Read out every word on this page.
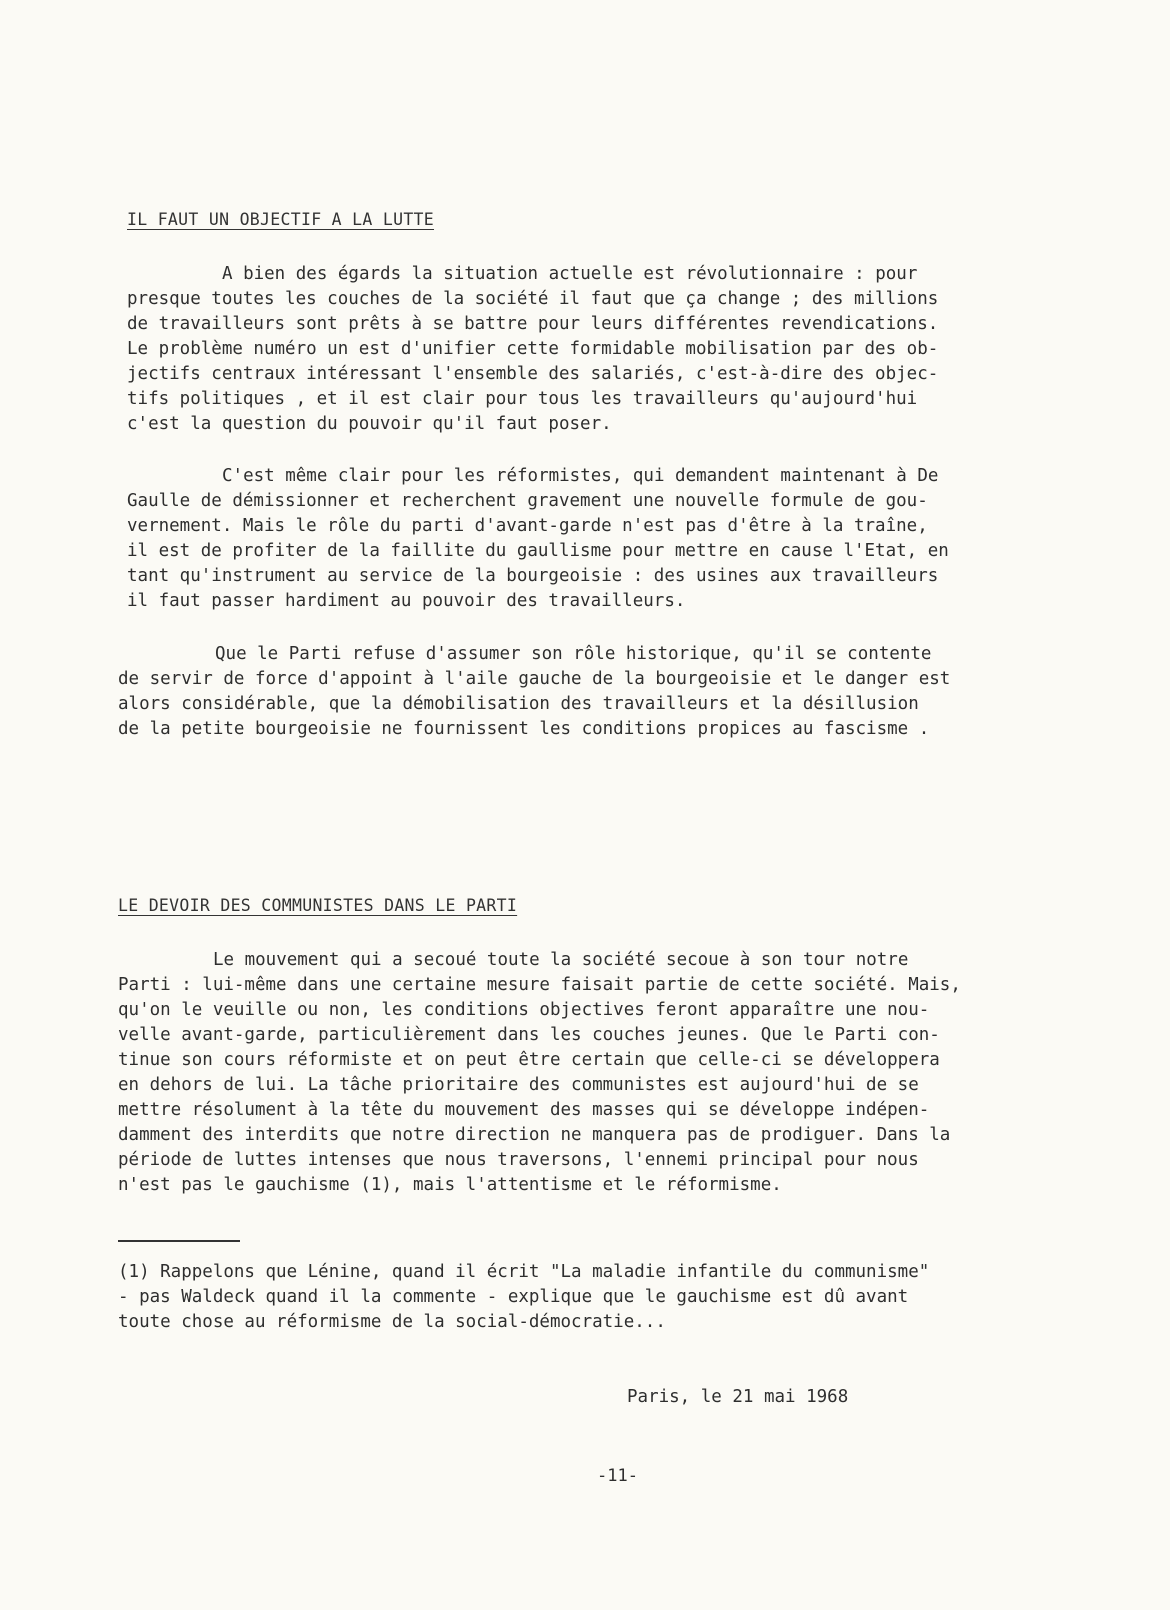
IL FAUT UN OBJECTIF A LA LUTTE
A bien des égards la situation actuelle est révolutionnaire : pour
presque toutes les couches de la société il faut que ça change ; des millions
de travailleurs sont prêts à se battre pour leurs différentes revendications.
Le problème numéro un est d'unifier cette formidable mobilisation par des ob-
jectifs centraux intéressant l'ensemble des salariés, c'est-à-dire des objec-
tifs politiques , et il est clair pour tous les travailleurs qu'aujourd'hui
c'est la question du pouvoir qu'il faut poser.
C'est même clair pour les réformistes, qui demandent maintenant à De
Gaulle de démissionner et recherchent gravement une nouvelle formule de gou-
vernement. Mais le rôle du parti d'avant-garde n'est pas d'être à la traîne,
il est de profiter de la faillite du gaullisme pour mettre en cause l'Etat, en
tant qu'instrument au service de la bourgeoisie : des usines aux travailleurs
il faut passer hardiment au pouvoir des travailleurs.
Que le Parti refuse d'assumer son rôle historique, qu'il se contente
de servir de force d'appoint à l'aile gauche de la bourgeoisie et le danger est
alors considérable, que la démobilisation des travailleurs et la désillusion
de la petite bourgeoisie ne fournissent les conditions propices au fascisme .
LE DEVOIR DES COMMUNISTES DANS LE PARTI
Le mouvement qui a secoué toute la société secoue à son tour notre
Parti : lui-même dans une certaine mesure faisait partie de cette société. Mais,
qu'on le veuille ou non, les conditions objectives feront apparaître une nou-
velle avant-garde, particulièrement dans les couches jeunes. Que le Parti con-
tinue son cours réformiste et on peut être certain que celle-ci se développera
en dehors de lui. La tâche prioritaire des communistes est aujourd'hui de se
mettre résolument à la tête du mouvement des masses qui se développe indépen-
damment des interdits que notre direction ne manquera pas de prodiguer. Dans la
période de luttes intenses que nous traversons, l'ennemi principal pour nous
n'est pas le gauchisme (1), mais l'attentisme et le réformisme.
(1) Rappelons que Lénine, quand il écrit "La maladie infantile du communisme"
- pas Waldeck quand il la commente - explique que le gauchisme est dû avant
toute chose au réformisme de la social-démocratie...
Paris, le 21 mai 1968
-11-
